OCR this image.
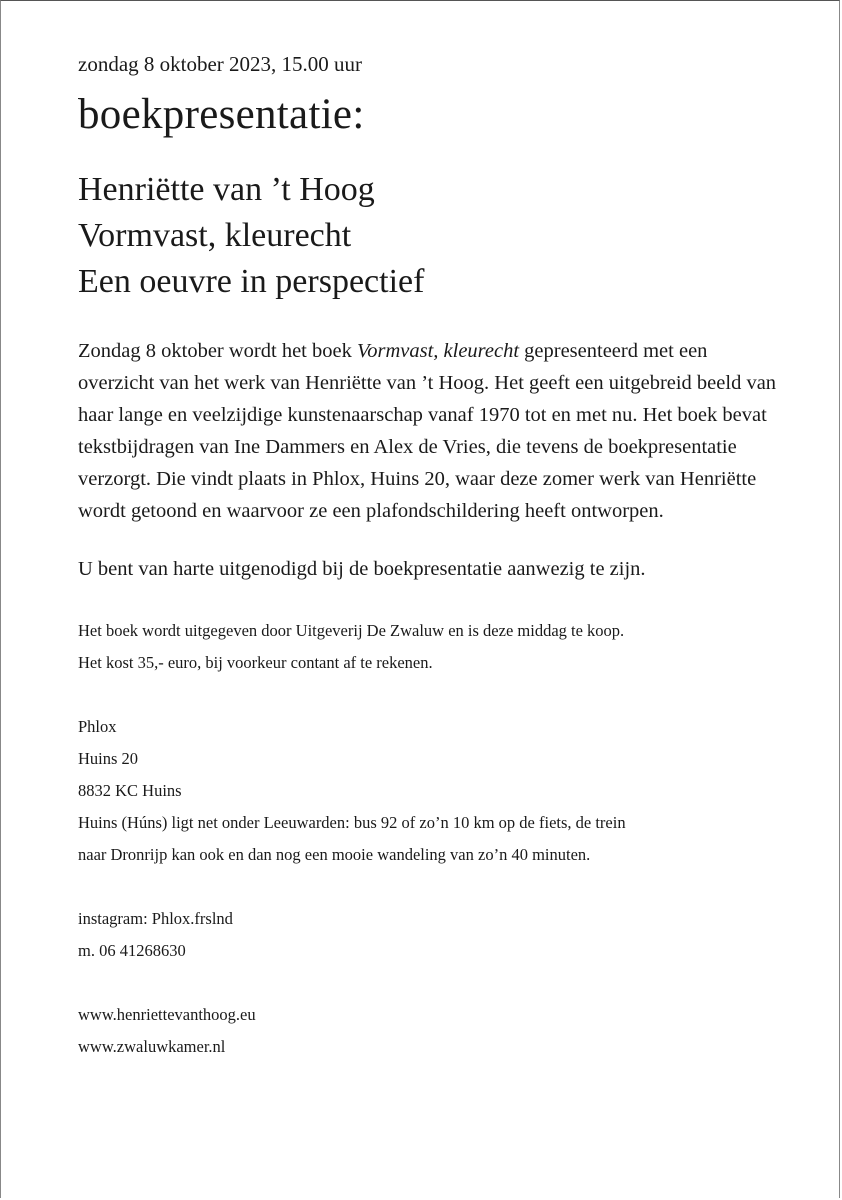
zondag 8 oktober 2023, 15.00 uur

boekpresentatie:
Henriëtte van ’t Hoog
Vormvast, kleurecht
Een oeuvre in perspectief
Zondag 8 oktober wordt het boek Vormvast, kleurecht gepresenteerd met een overzicht van het werk van Henriëtte van ’t Hoog. Het geeft een uitgebreid beeld van haar lange en veelzijdige kunstenaarschap vanaf 1970 tot en met nu. Het boek bevat tekstbijdragen van Ine Dammers en Alex de Vries, die tevens de boekpresentatie verzorgt. Die vindt plaats in Phlox, Huins 20, waar deze zomer werk van Henriëtte wordt getoond en waarvoor ze een plafondschildering heeft ontworpen.
U bent van harte uitgenodigd bij de boekpresentatie aanwezig te zijn.
Het boek wordt uitgegeven door Uitgeverij De Zwaluw en is deze middag te koop.
Het kost 35,- euro, bij voorkeur contant af te rekenen.
Phlox
Huins 20
8832 KC Huins
Huins (Húns) ligt net onder Leeuwarden: bus 92 of zo’n 10 km op de fiets, de trein
naar Dronrijp kan ook en dan nog een mooie wandeling van zo’n 40 minuten.
instagram: Phlox.frslnd
m. 06 41268630
www.henriettevanthoog.eu
www.zwaluwkamer.nl
